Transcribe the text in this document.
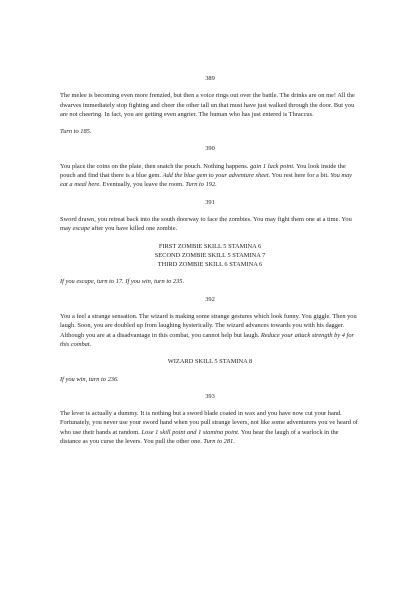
389
The melee is becoming even more frenzied, but then a voice rings out over the battle. The drinks are on me! All the dwarves immediately stop fighting and cheer the other tall un that must have just walked through the door. But you are not cheering. In fact, you are getting even angrier. The human who has just entered is Thraccus.
Turn to 185.
390
You place the coins on the plate, then snatch the pouch. Nothing happens. gain 1 luck point. You look inside the pouch and find that there is a blue gem. Add the blue gem to your adventure sheet. You rest here for a bit. You may eat a meal here. Eventually, you leave the room. Turn to 192.
391
Sword drawn, you retreat back into the south doorway to face the zombies. You may fight them one at a time. You may escape after you have killed one zombie.
FIRST ZOMBIE SKILL 5 STAMINA 6
SECOND ZOMBIE SKILL 5 STAMINA 7
THIRD ZOMBIE SKILL 6 STAMINA 6
If you escape, turn to 17. If you win, turn to 235.
392
You a feel a strange sensation. The wizard is making some strange gestures which look funny. You giggle. Then you laugh. Soon, you are doubled up from laughing hysterically. The wizard advances towards you with his dagger. Although you are at a disadvantage in this combat, you cannot help but laugh. Reduce your attack strength by 4 for this combat.
WIZARD SKILL 5 STAMINA 8
If you win, turn to 236.
393
The lever is actually a dummy. It is nothing but a sword blade coated in wax and you have now cut your hand. Fortunately, you never use your sword hand when you pull strange levers, not like some adventurers you ve heard of who use their hands at random. Lose 1 skill point and 1 stamina point. You hear the laugh of a warlock in the distance as you curse the levers. You pull the other one. Turn to 281.
